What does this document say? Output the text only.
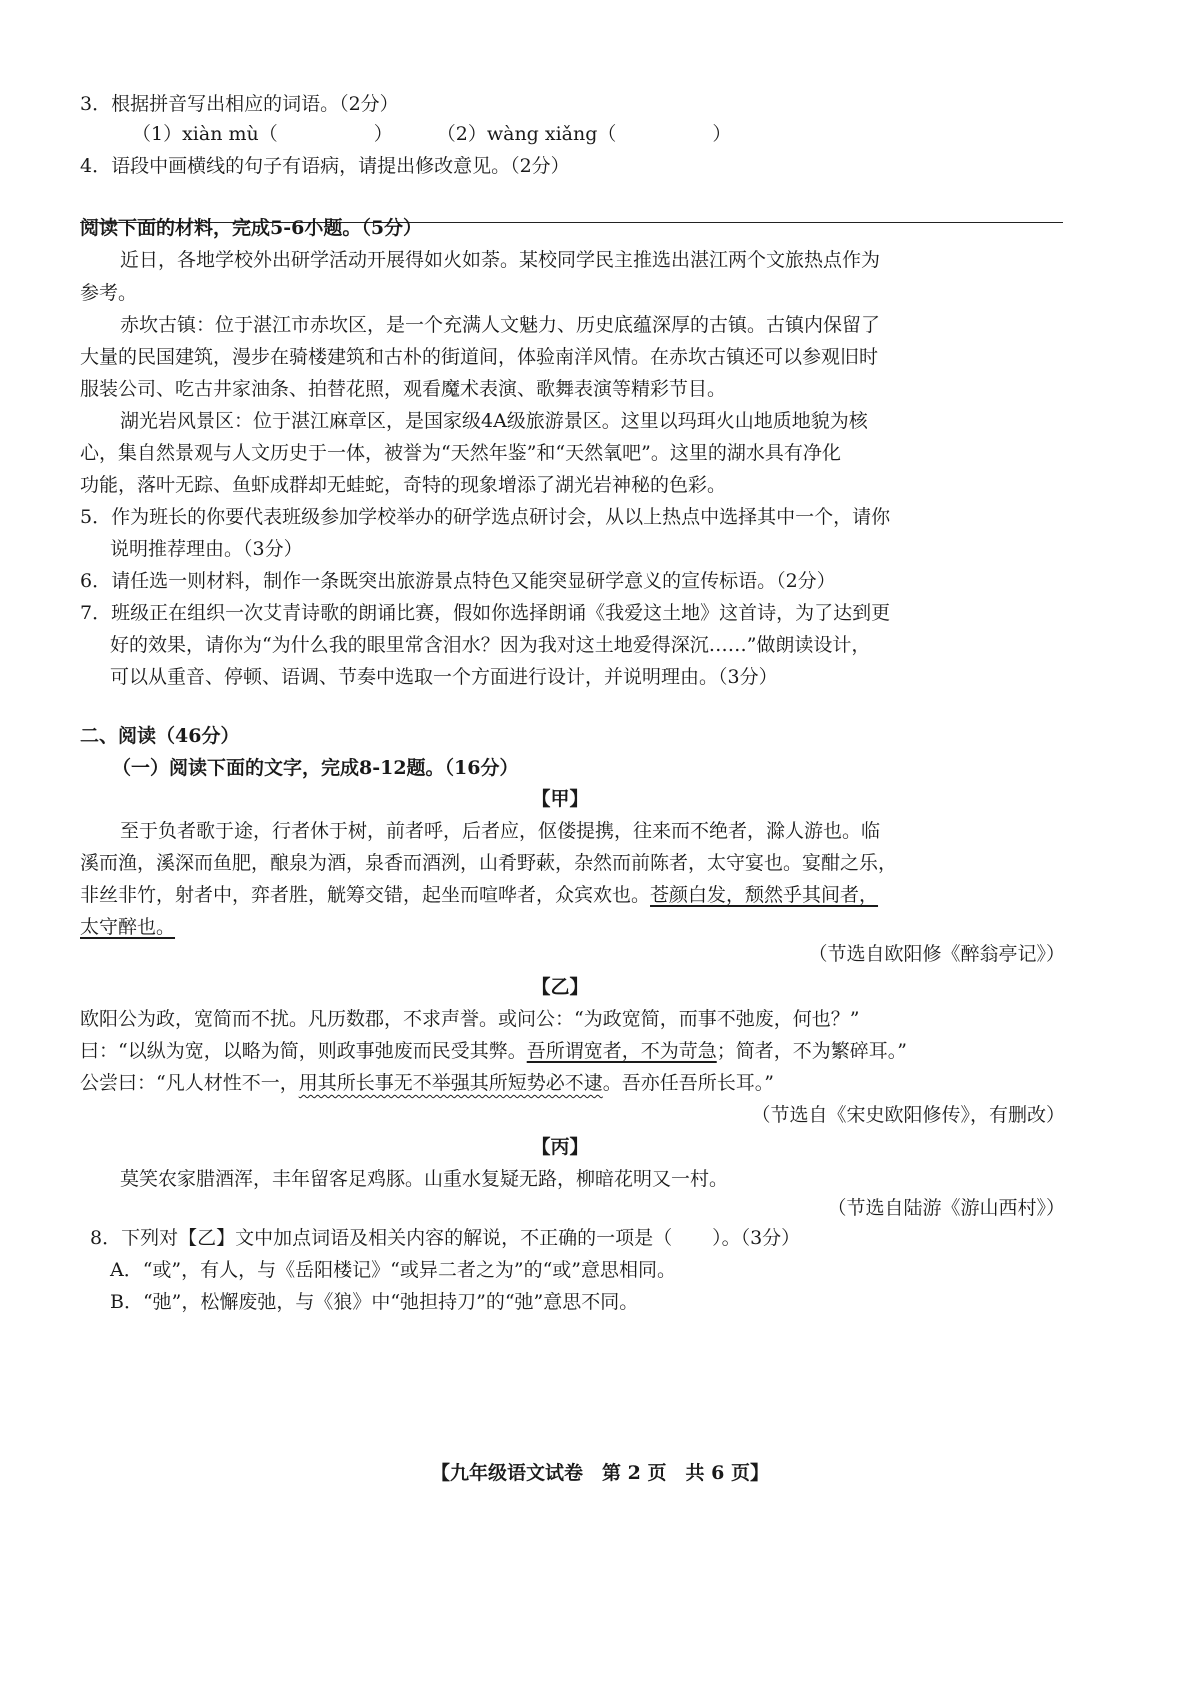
3．根据拼音写出相应的词语。（2分）
（1）xiàn mù（	） （2）wàng xiǎng（	）
4．语段中画横线的句子有语病，请提出修改意见。（2分）
阅读下面的材料，完成5-6小题。（5分）
近日，各地学校外出研学活动开展得如火如荼。某校同学民主推选出湛江两个文旅热点作为
参考。
赤坎古镇：位于湛江市赤坎区，是一个充满人文魅力、历史底蕴深厚的古镇。古镇内保留了
大量的民国建筑，漫步在骑楼建筑和古朴的街道间，体验南洋风情。在赤坎古镇还可以参观旧时
服装公司、吃古井家油条、拍替花照，观看魔术表演、歌舞表演等精彩节目。
湖光岩风景区：位于湛江麻章区，是国家级4A级旅游景区。这里以玛珥火山地质地貌为核
心，集自然景观与人文历史于一体，被誉为“天然年鉴”和“天然氧吧”。这里的湖水具有净化
功能，落叶无踪、鱼虾成群却无蛙蛇，奇特的现象增添了湖光岩神秘的色彩。
5．作为班长的你要代表班级参加学校举办的研学选点研讨会，从以上热点中选择其中一个，请你
说明推荐理由。（3分）
6．请任选一则材料，制作一条既突出旅游景点特色又能突显研学意义的宣传标语。（2分）
7．班级正在组织一次艾青诗歌的朗诵比赛，假如你选择朗诵《我爱这土地》这首诗，为了达到更
好的效果，请你为“为什么我的眼里常含泪水？因为我对这土地爱得深沉……”做朗读设计，
可以从重音、停顿、语调、节奏中选取一个方面进行设计，并说明理由。（3分）
二、阅读（46分）
（一）阅读下面的文字，完成8-12题。（16分）
【甲】
至于负者歌于途，行者休于树，前者呼，后者应，伛偻提携，往来而不绝者，滁人游也。临
溪而渔，溪深而鱼肥，酿泉为酒，泉香而酒洌，山肴野蔌，杂然而前陈者，太守宴也。宴酣之乐，
非丝非竹，射者中，弈者胜，觥筹交错，起坐而喧哗者，众宾欢也。苍颜白发，颓然乎其间者，
太守醉也。
（节选自欧阳修《醉翁亭记》）
【乙】
欧阳公为政，宽简而不扰。凡历数郡，不求声誉。或问公：“为政宽简，而事不弛废，何也？”
曰：“以纵为宽，以略为简，则政事弛废而民受其弊。吾所谓宽者，不为苛急；简者，不为繁碎耳。”
公尝曰：“凡人材性不一，用其所长事无不举强其所短势必不逮。吾亦任吾所长耳。”
（节选自《宋史欧阳修传》，有删改）
【丙】
莫笑农家腊酒浑，丰年留客足鸡豚。山重水复疑无路，柳暗花明又一村。
（节选自陆游《游山西村》）
8．下列对【乙】文中加点词语及相关内容的解说，不正确的一项是（ ）。（3分）
A．“或”，有人，与《岳阳楼记》“或异二者之为”的“或”意思相同。
B．“弛”，松懈废弛，与《狼》中“弛担持刀”的“弛”意思不同。
【九年级语文试卷　第 2 页　共 6 页】
